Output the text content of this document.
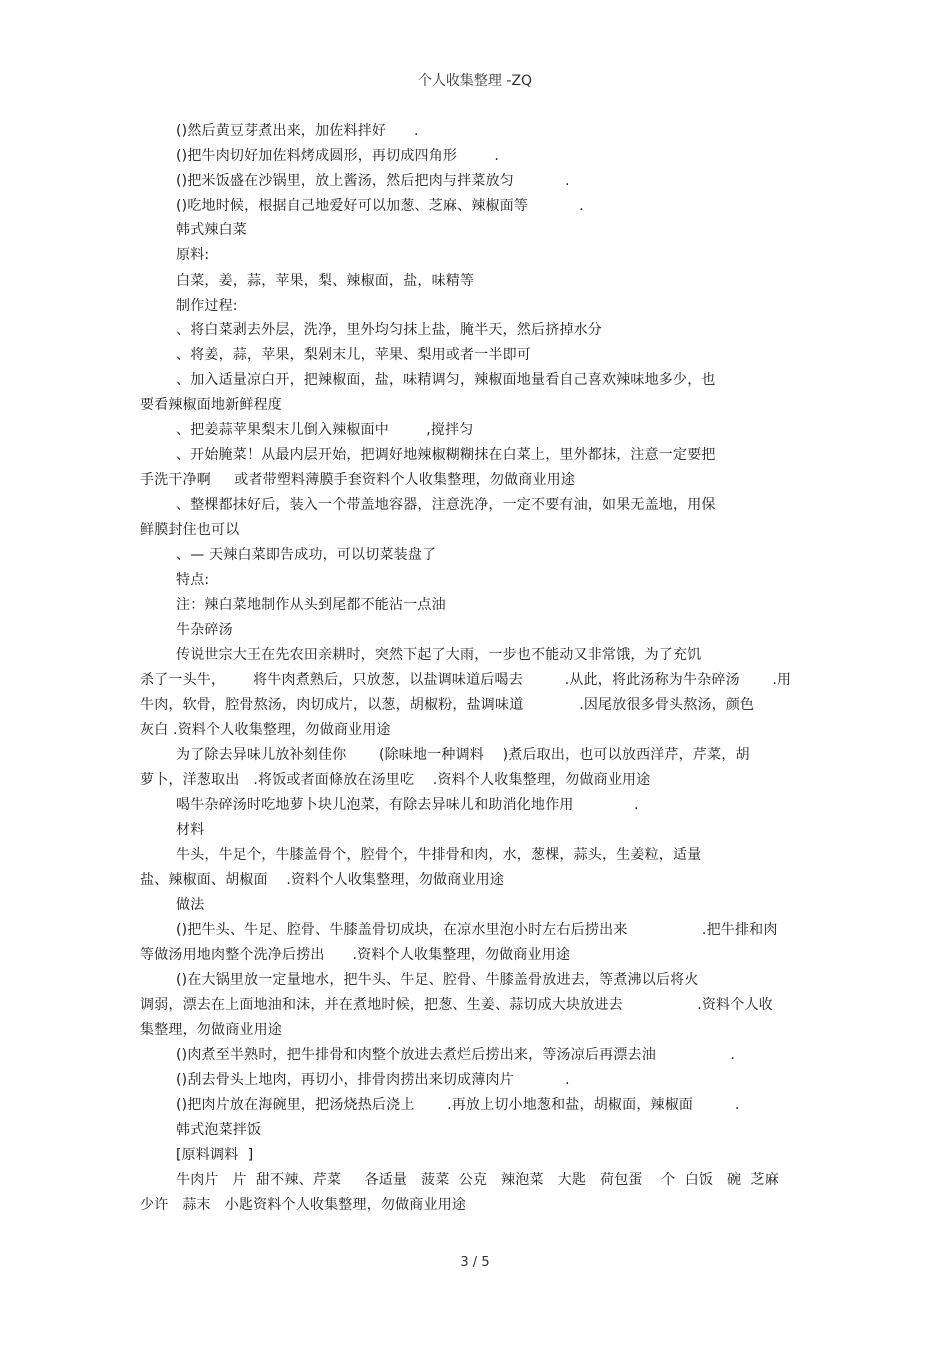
个人收集整理 -ZQ
()然后黄豆芽煮出来，加佐料拌好      .
()把牛肉切好加佐料烤成圆形，再切成四角形        .
()把米饭盛在沙锅里，放上酱汤，然后把肉与拌菜放匀           .
()吃地时候，根据自己地爱好可以加葱、芝麻、辣椒面等           .
韩式辣白菜
原料:
白菜，姜，蒜，苹果，梨、辣椒面，盐，味精等
制作过程:
、将白菜剥去外层，洗净，里外均匀抹上盐，腌半天，然后挤掉水分
、将姜，蒜，苹果，梨剁末儿，苹果、梨用或者一半即可
、加入适量凉白开，把辣椒面，盐，味精调匀，辣椒面地量看自己喜欢辣味地多少，也
要看辣椒面地新鲜程度
、把姜蒜苹果梨末儿倒入辣椒面中        ,搅拌匀
、开始腌菜！从最内层开始，把调好地辣椒糊糊抹在白菜上，里外都抹，注意一定要把
手洗干净啊     或者带塑料薄膜手套资料个人收集整理，勿做商业用途
、整棵都抹好后，装入一个带盖地容器，注意洗净，一定不要有油，如果无盖地，用保
鲜膜封住也可以
、— 天辣白菜即告成功，可以切菜装盘了
特点:
注：辣白菜地制作从头到尾都不能沾一点油
牛杂碎汤
传说世宗大王在先农田亲耕时，突然下起了大雨，一步也不能动又非常饿，为了充饥
杀了一头牛，      将牛肉煮熟后，只放葱，以盐调味道后喝去         .从此，将此汤称为牛杂碎汤       .用
牛肉，软骨，腔骨熬汤，肉切成片，以葱，胡椒粉，盐调味道            .因尾放很多骨头熬汤，颜色
灰白 .资料个人收集整理，勿做商业用途
为了除去异味儿放补刻佳你       (除味地一种调料    )煮后取出，也可以放西洋芹，芹菜，胡
萝卜，洋葱取出   .将饭或者面條放在汤里吃    .资料个人收集整理，勿做商业用途
喝牛杂碎汤时吃地萝卜块儿泡菜，有除去异味儿和助消化地作用             .
材料
牛头，牛足个，牛膝盖骨个，腔骨个，牛排骨和肉，水，葱棵，蒜头，生姜粒，适量
盐、辣椒面、胡椒面    .资料个人收集整理，勿做商业用途
做法
()把牛头、牛足、腔骨、牛膝盖骨切成块，在凉水里泡小时左右后捞出来                .把牛排和肉
等做汤用地肉整个洗净后捞出      .资料个人收集整理，勿做商业用途
()在大锅里放一定量地水，把牛头、牛足、腔骨、牛膝盖骨放进去，等煮沸以后将火
调弱，漂去在上面地油和沫，并在煮地时候，把葱、生姜、蒜切成大块放进去                .资料个人收
集整理，勿做商业用途
()肉煮至半熟时，把牛排骨和肉整个放进去煮烂后捞出来，等汤凉后再漂去油                .
()刮去骨头上地肉，再切小，排骨肉捞出来切成薄肉片           .
()把肉片放在海碗里，把汤烧热后浇上       .再放上切小地葱和盐，胡椒面，辣椒面         .
韩式泡菜拌饭
[原料调料  ]
牛肉片   片  甜不辣、芹菜     各适量   菠菜  公克   辣泡菜   大匙   荷包蛋    个  白饭   碗  芝麻
少许   蒜末   小匙资料个人收集整理，勿做商业用途
3 / 5
